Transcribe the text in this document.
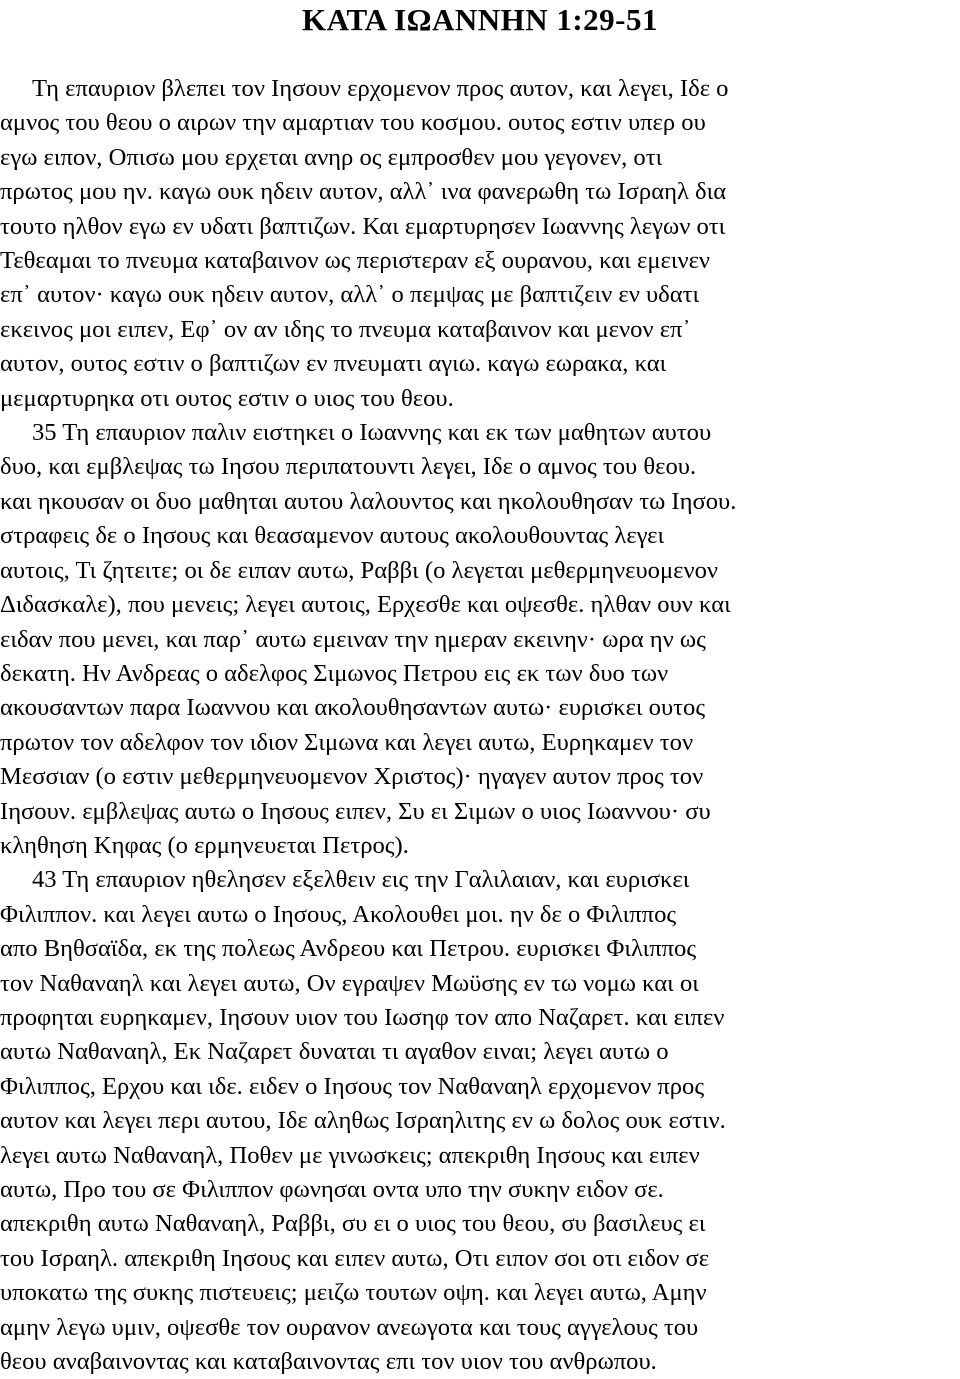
ΚΑΤΑ ΙΩΑΝΝΗΝ 1:29-51
Τη επαυριον βλεπει τον Ιησουν ερχομενον προς αυτον, και λεγει, Ιδε ο
αμνος του θεου ο αιρων την αμαρτιαν του κοσμου. ουτος εστιν υπερ ου
εγω ειπον, Οπισω μου ερχεται ανηρ ος εμπροσθεν μου γεγονεν, οτι
πρωτος μου ην. καγω ουκ ηδειν αυτον, αλλ᾽ ινα φανερωθη τω Ισραηλ δια
τουτο ηλθον εγω εν υδατι βαπτιζων. Και εμαρτυρησεν Ιωαννης λεγων οτι
Τεθεαμαι το πνευμα καταβαινον ως περιστεραν εξ ουρανου, και εμεινεν
επ᾽ αυτον· καγω ουκ ηδειν αυτον, αλλ᾽ ο πεμψας με βαπτιζειν εν υδατι
εκεινος μοι ειπεν, Εφ᾽ ον αν ιδης το πνευμα καταβαινον και μενον επ᾽
αυτον, ουτος εστιν ο βαπτιζων εν πνευματι αγιω. καγω εωρακα, και
μεμαρτυρηκα οτι ουτος εστιν ο υιος του θεου.
35 Τη επαυριον παλιν ειστηκει ο Ιωαννης και εκ των μαθητων αυτου
δυο, και εμβλεψας τω Ιησου περιπατουντι λεγει, Ιδε ο αμνος του θεου.
και ηκουσαν οι δυο μαθηται αυτου λαλουντος και ηκολουθησαν τω Ιησου.
στραφεις δε ο Ιησους και θεασαμενον αυτους ακολουθουντας λεγει
αυτοις, Τι ζητειτε; οι δε ειπαν αυτω, Ραββι (ο λεγεται μεθερμηνευομενον
Διδασκαλε), που μενεις; λεγει αυτοις, Ερχεσθε και οψεσθε. ηλθαν ουν και
ειδαν που μενει, και παρ᾽ αυτω εμειναν την ημεραν εκεινην· ωρα ην ως
δεκατη. Ην Ανδρεας ο αδελφος Σιμωνος Πετρου εις εκ των δυο των
ακουσαντων παρα Ιωαννου και ακολουθησαντων αυτω· ευρισκει ουτος
πρωτον τον αδελφον τον ιδιον Σιμωνα και λεγει αυτω, Ευρηκαμεν τον
Μεσσιαν (ο εστιν μεθερμηνευομενον Χριστος)· ηγαγεν αυτον προς τον
Ιησουν. εμβλεψας αυτω ο Ιησους ειπεν, Συ ει Σιμων ο υιος Ιωαννου· συ
κληθηση Κηφας (ο ερμηνευεται Πετρος).
43 Τη επαυριον ηθελησεν εξελθειν εις την Γαλιλαιαν, και ευρισκει
Φιλιππον. και λεγει αυτω ο Ιησους, Ακολουθει μοι. ην δε ο Φιλιππος
απο Βηθσαϊδα, εκ της πολεως Ανδρεου και Πετρου. ευρισκει Φιλιππος
τον Ναθαναηλ και λεγει αυτω, Ον εγραψεν Μωϋσης εν τω νομω και οι
προφηται ευρηκαμεν, Ιησουν υιον του Ιωσηφ τον απο Ναζαρετ. και ειπεν
αυτω Ναθαναηλ, Εκ Ναζαρετ δυναται τι αγαθον ειναι; λεγει αυτω ο
Φιλιππος, Ερχου και ιδε. ειδεν ο Ιησους τον Ναθαναηλ ερχομενον προς
αυτον και λεγει περι αυτου, Ιδε αληθως Ισραηλιτης εν ω δολος ουκ εστιν.
λεγει αυτω Ναθαναηλ, Ποθεν με γινωσκεις; απεκριθη Ιησους και ειπεν
αυτω, Προ του σε Φιλιππον φωνησαι οντα υπο την συκην ειδον σε.
απεκριθη αυτω Ναθαναηλ, Ραββι, συ ει ο υιος του θεου, συ βασιλευς ει
του Ισραηλ. απεκριθη Ιησους και ειπεν αυτω, Οτι ειπον σοι οτι ειδον σε
υποκατω της συκης πιστευεις; μειζω τουτων οψη. και λεγει αυτω, Αμην
αμην λεγω υμιν, οψεσθε τον ουρανον ανεωγοτα και τους αγγελους του
θεου αναβαινοντας και καταβαινοντας επι τον υιον του ανθρωπου.
